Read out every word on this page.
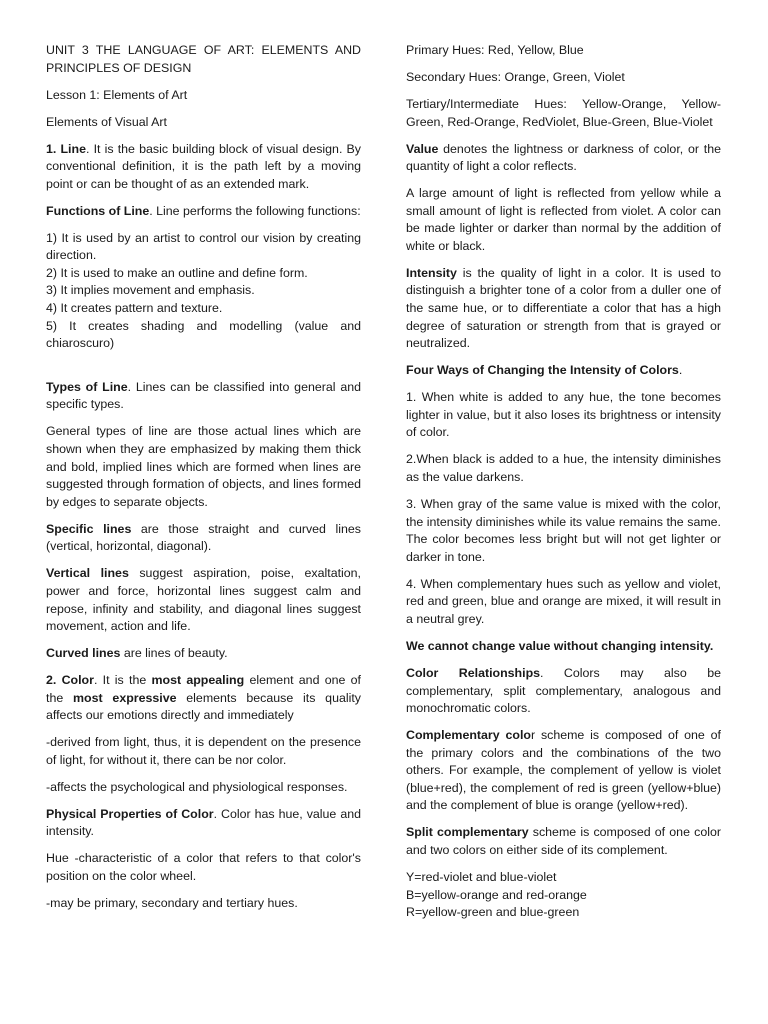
UNIT 3 THE LANGUAGE OF ART: ELEMENTS AND PRINCIPLES OF DESIGN

Lesson 1: Elements of Art

Elements of Visual Art

1. Line. It is the basic building block of visual design. By conventional definition, it is the path left by a moving point or can be thought of as an extended mark.

Functions of Line. Line performs the following functions:

1) It is used by an artist to control our vision by creating direction.

2) It is used to make an outline and define form.

3) It implies movement and emphasis.

4) It creates pattern and texture.

5) It creates shading and modelling (value and chiaroscuro)

Types of Line. Lines can be classified into general and specific types.

General types of line are those actual lines which are shown when they are emphasized by making them thick and bold, implied lines which are formed when lines are suggested through formation of objects, and lines formed by edges to separate objects.

Specific lines are those straight and curved lines (vertical, horizontal, diagonal).

Vertical lines suggest aspiration, poise, exaltation, power and force, horizontal lines suggest calm and repose, infinity and stability, and diagonal lines suggest movement, action and life.

Curved lines are lines of beauty.

2. Color. It is the most appealing element and one of the most expressive elements because its quality affects our emotions directly and immediately

-derived from light, thus, it is dependent on the presence of light, for without it, there can be nor color.

-affects the psychological and physiological responses.

Physical Properties of Color. Color has hue, value and intensity.

Hue -characteristic of a color that refers to that color's position on the color wheel.

-may be primary, secondary and tertiary hues.

Primary Hues: Red, Yellow, Blue

Secondary Hues: Orange, Green, Violet

Tertiary/Intermediate Hues: Yellow-Orange, Yellow-Green, Red-Orange, RedViolet, Blue-Green, Blue-Violet

Value denotes the lightness or darkness of color, or the quantity of light a color reflects.

A large amount of light is reflected from yellow while a small amount of light is reflected from violet. A color can be made lighter or darker than normal by the addition of white or black.

Intensity is the quality of light in a color. It is used to distinguish a brighter tone of a color from a duller one of the same hue, or to differentiate a color that has a high degree of saturation or strength from that is grayed or neutralized.

Four Ways of Changing the Intensity of Colors.

1. When white is added to any hue, the tone becomes lighter in value, but it also loses its brightness or intensity of color.

2.When black is added to a hue, the intensity diminishes as the value darkens.

3. When gray of the same value is mixed with the color, the intensity diminishes while its value remains the same. The color becomes less bright but will not get lighter or darker in tone.

4. When complementary hues such as yellow and violet, red and green, blue and orange are mixed, it will result in a neutral grey.

We cannot change value without changing intensity.

Color Relationships. Colors may also be complementary, split complementary, analogous and monochromatic colors.

Complementary color scheme is composed of one of the primary colors and the combinations of the two others. For example, the complement of yellow is violet (blue+red), the complement of red is green (yellow+blue) and the complement of blue is orange (yellow+red).

Split complementary scheme is composed of one color and two colors on either side of its complement.

Y=red-violet and blue-violet

B=yellow-orange and red-orange

R=yellow-green and blue-green
